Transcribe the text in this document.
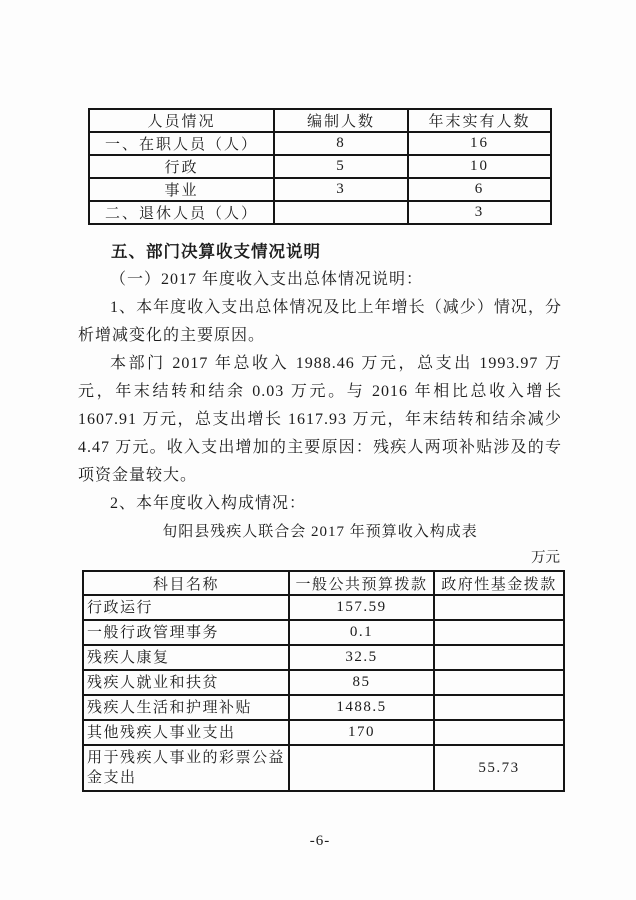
人员情况	编制人数	年末实有人数
一、在职人员（人）	8	16
行政	5	10
事业	3	6
二、退休人员（人）		3
五、部门决算收支情况说明

（一）2017 年度收入支出总体情况说明：

1、本年度收入支出总体情况及比上年增长（减少）情况，分析增减变化的主要原因。

本部门 2017 年总收入 1988.46 万元，总支出 1993.97 万元，年末结转和结余 0.03 万元。与 2016 年相比总收入增长 1607.91 万元，总支出增长 1617.93 万元，年末结转和结余减少 4.47 万元。收入支出增加的主要原因：残疾人两项补贴涉及的专项资金量较大。

2、本年度收入构成情况：

旬阳县残疾人联合会 2017 年预算收入构成表
万元
科目名称	一般公共预算拨款	政府性基金拨款
行政运行	157.59	
一般行政管理事务	0.1	
残疾人康复	32.5	
残疾人就业和扶贫	85	
残疾人生活和护理补贴	1488.5	
其他残疾人事业支出	170	
用于残疾人事业的彩票公益金支出		55.73
-6-
